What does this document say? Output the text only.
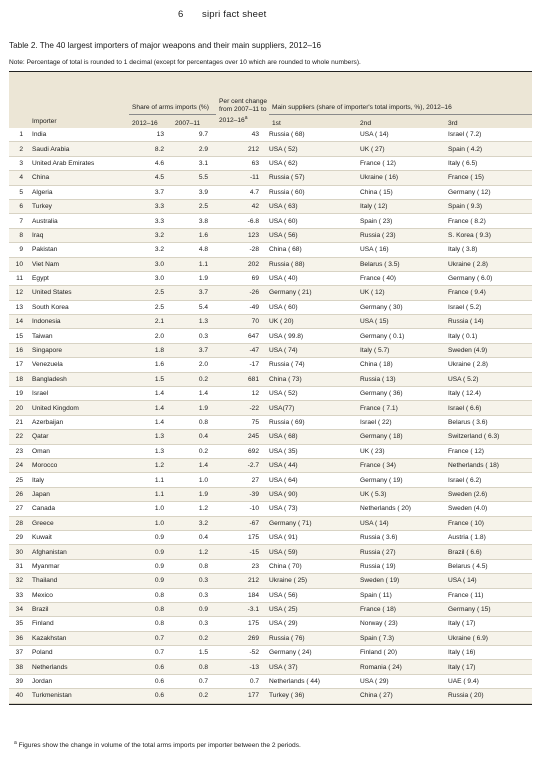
6 sipri fact sheet
Table 2. The 40 largest importers of major weapons and their main suppliers, 2012–16
Note: Percentage of total is rounded to 1 decimal (except for percentages over 10 which are rounded to whole numbers).
	Importer	Share of arms imports (%)		Per cent change from 2007–11 to 2012–16$^a$	Main suppliers (share of importer's total imports, %), 2012–16		
		2012–16	2007–11		1st	2nd	3rd
1	India	13	9.7	43	Russia ( 68)	USA ( 14)	Israel ( 7.2)
2	Saudi Arabia	8.2	2.9	212	USA ( 52)	UK ( 27)	Spain ( 4.2)
3	United Arab Emirates	4.6	3.1	63	USA ( 62)	France ( 12)	Italy ( 6.5)
4	China	4.5	5.5	-11	Russia ( 57)	Ukraine ( 16)	France ( 15)
5	Algeria	3.7	3.9	4.7	Russia ( 60)	China ( 15)	Germany ( 12)
6	Turkey	3.3	2.5	42	USA ( 63)	Italy ( 12)	Spain ( 9.3)
7	Australia	3.3	3.8	-6.8	USA ( 60)	Spain ( 23)	France ( 8.2)
8	Iraq	3.2	1.6	123	USA ( 56)	Russia ( 23)	S. Korea ( 9.3)
9	Pakistan	3.2	4.8	-28	China ( 68)	USA ( 16)	Italy ( 3.8)
10	Viet Nam	3.0	1.1	202	Russia ( 88)	Belarus ( 3.5)	Ukraine ( 2.8)
11	Egypt	3.0	1.9	69	USA ( 40)	France ( 40)	Germany ( 6.0)
12	United States	2.5	3.7	-26	Germany ( 21)	UK ( 12)	France ( 9.4)
13	South Korea	2.5	5.4	-49	USA ( 60)	Germany ( 30)	Israel ( 5.2)
14	Indonesia	2.1	1.3	70	UK ( 20)	USA ( 15)	Russia ( 14)
15	Taiwan	2.0	0.3	647	USA ( 99.8)	Germany ( 0.1)	Italy ( 0.1)
16	Singapore	1.8	3.7	-47	USA ( 74)	Italy ( 5.7)	Sweden (4.9)
17	Venezuela	1.6	2.0	-17	Russia ( 74)	China ( 18)	Ukraine ( 2.8)
18	Bangladesh	1.5	0.2	681	China ( 73)	Russia ( 13)	USA ( 5.2)
19	Israel	1.4	1.4	12	USA ( 52)	Germany ( 36)	Italy ( 12.4)
20	United Kingdom	1.4	1.9	-22	USA(77)	France ( 7.1)	Israel ( 6.6)
21	Azerbaijan	1.4	0.8	75	Russia ( 69)	Israel ( 22)	Belarus ( 3.6)
22	Qatar	1.3	0.4	245	USA ( 68)	Germany ( 18)	Switzerland ( 6.3)
23	Oman	1.3	0.2	692	USA ( 35)	UK ( 23)	France ( 12)
24	Morocco	1.2	1.4	-2.7	USA ( 44)	France ( 34)	Netherlands ( 18)
25	Italy	1.1	1.0	27	USA ( 64)	Germany ( 19)	Israel ( 6.2)
26	Japan	1.1	1.9	-39	USA ( 90)	UK ( 5.3)	Sweden (2.6)
27	Canada	1.0	1.2	-10	USA ( 73)	Netherlands ( 20)	Sweden (4.0)
28	Greece	1.0	3.2	-67	Germany ( 71)	USA ( 14)	France ( 10)
29	Kuwait	0.9	0.4	175	USA ( 91)	Russia ( 3.6)	Austria ( 1.8)
30	Afghanistan	0.9	1.2	-15	USA ( 59)	Russia ( 27)	Brazil ( 6.6)
31	Myanmar	0.9	0.8	23	China ( 70)	Russia ( 19)	Belarus ( 4.5)
32	Thailand	0.9	0.3	212	Ukraine ( 25)	Sweden ( 19)	USA ( 14)
33	Mexico	0.8	0.3	184	USA ( 56)	Spain ( 11)	France ( 11)
34	Brazil	0.8	0.9	-3.1	USA ( 25)	France ( 18)	Germany ( 15)
35	Finland	0.8	0.3	175	USA ( 29)	Norway ( 23)	Italy ( 17)
36	Kazakhstan	0.7	0.2	269	Russia ( 76)	Spain ( 7.3)	Ukraine ( 6.9)
37	Poland	0.7	1.5	-52	Germany ( 24)	Finland ( 20)	Italy ( 16)
38	Netherlands	0.6	0.8	-13	USA ( 37)	Romania ( 24)	Italy ( 17)
39	Jordan	0.6	0.7	0.7	Netherlands ( 44)	USA ( 29)	UAE ( 9.4)
40	Turkmenistan	0.6	0.2	177	Turkey ( 36)	China ( 27)	Russia ( 20)
$^a$ Figures show the change in volume of the total arms imports per importer between the 2 periods.
